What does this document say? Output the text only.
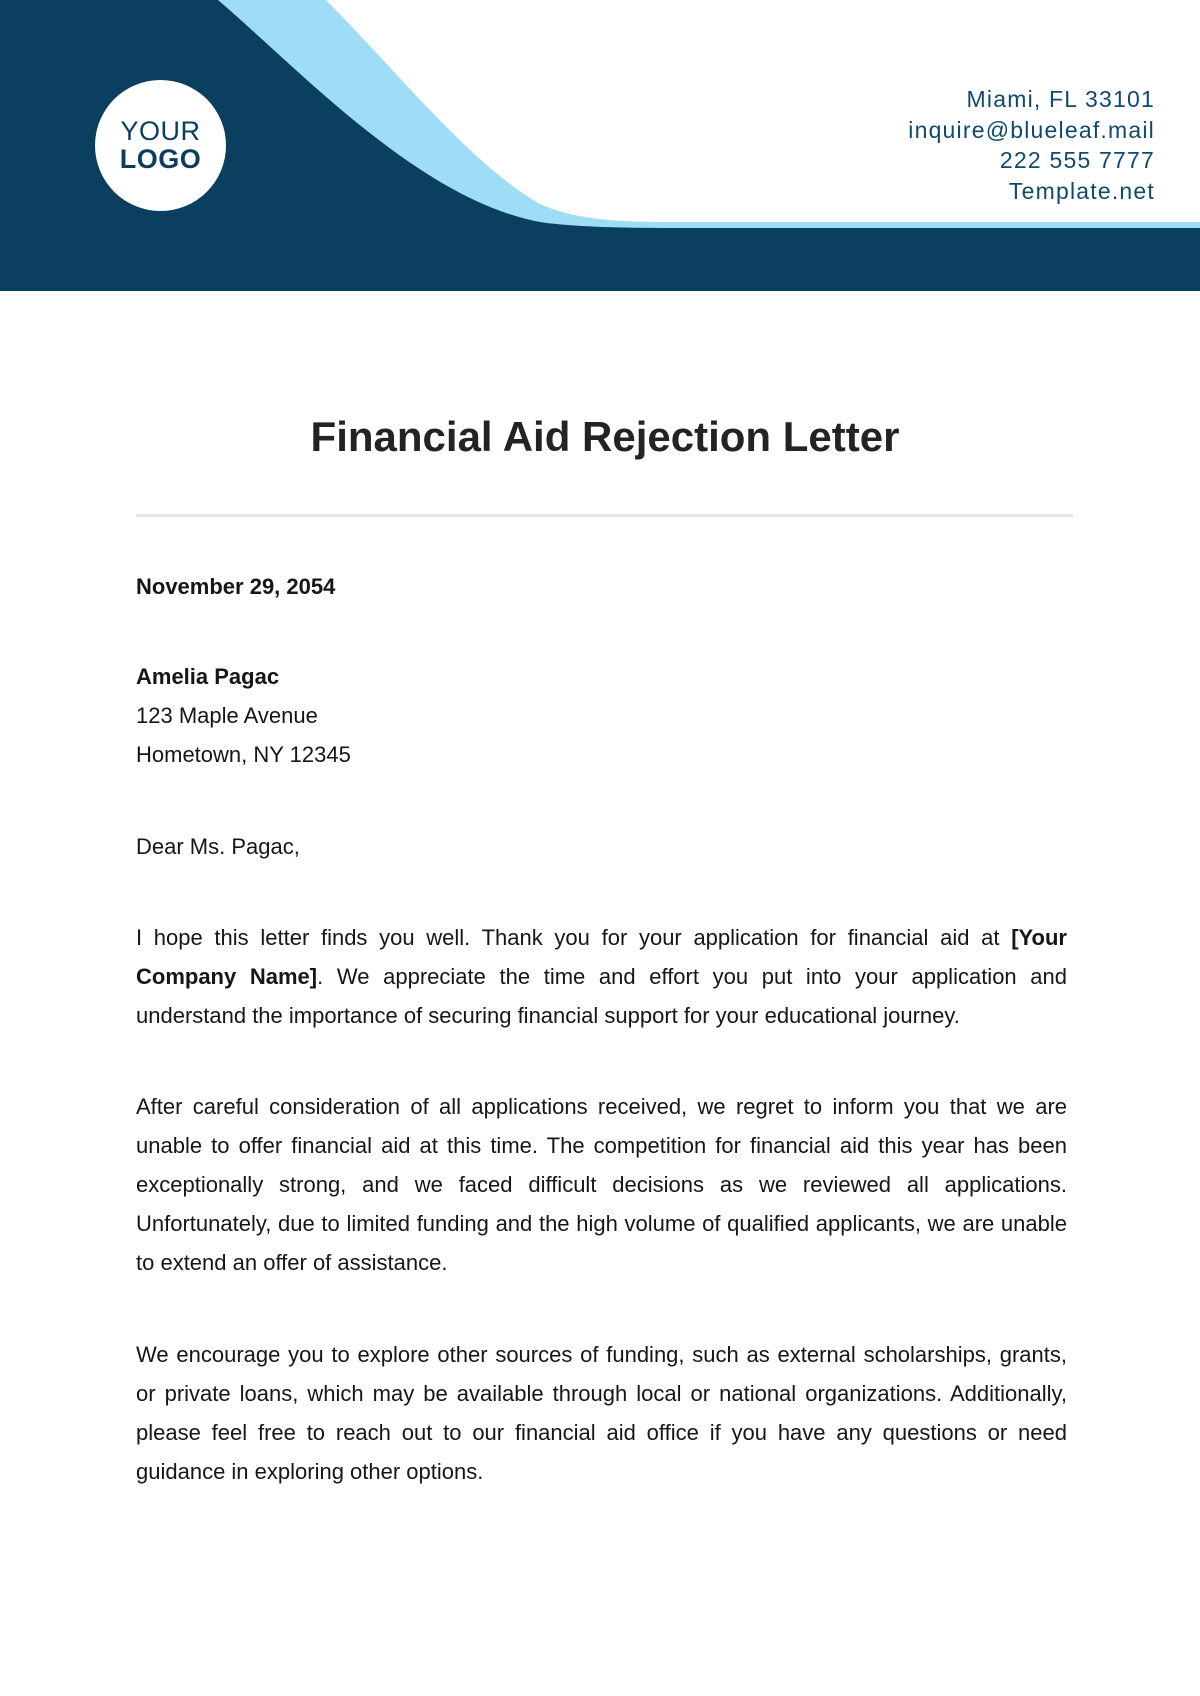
YOUR
LOGO
Miami, FL 33101
inquire@blueleaf.mail
222 555 7777
Template.net
Financial Aid Rejection Letter
November 29, 2054
Amelia Pagac
123 Maple Avenue
Hometown, NY 12345
Dear Ms. Pagac,

I hope this letter finds you well. Thank you for your application for financial aid at [Your Company Name]. We appreciate the time and effort you put into your application and understand the importance of securing financial support for your educational journey.

After careful consideration of all applications received, we regret to inform you that we are unable to offer financial aid at this time. The competition for financial aid this year has been exceptionally strong, and we faced difficult decisions as we reviewed all applications. Unfortunately, due to limited funding and the high volume of qualified applicants, we are unable to extend an offer of assistance.

We encourage you to explore other sources of funding, such as external scholarships, grants, or private loans, which may be available through local or national organizations. Additionally, please feel free to reach out to our financial aid office if you have any questions or need guidance in exploring other options.
